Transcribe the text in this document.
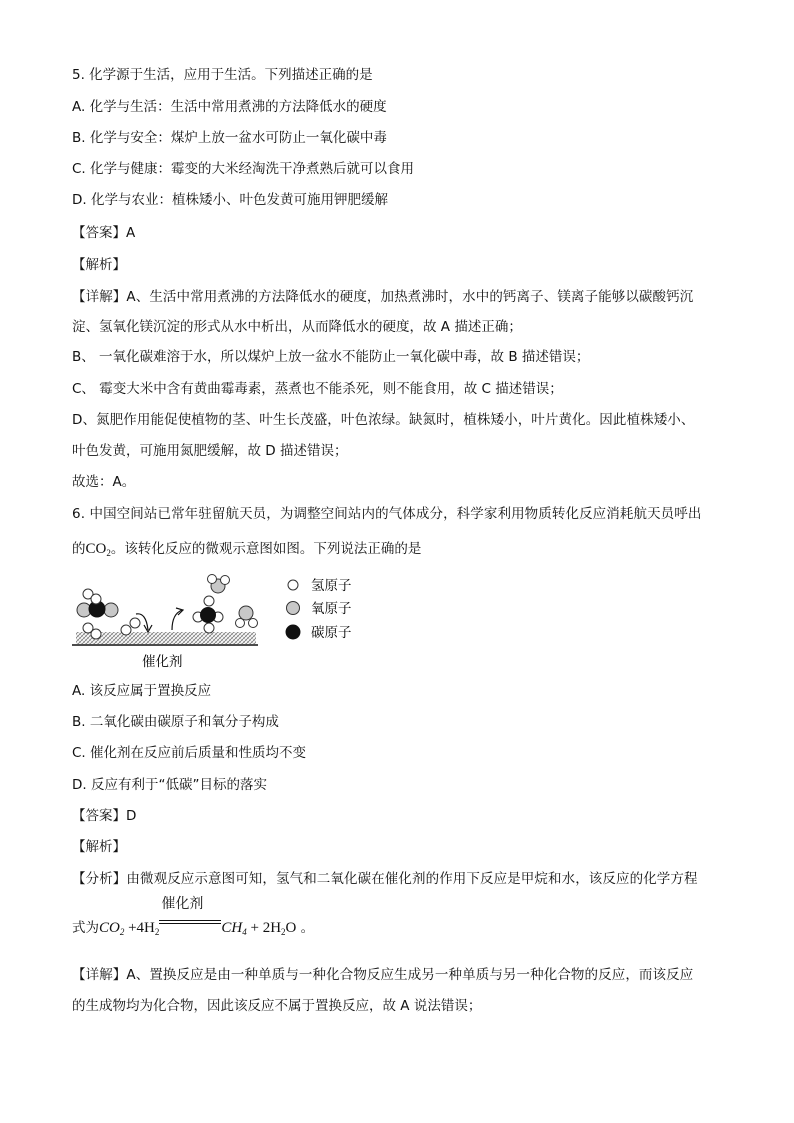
5. 化学源于生活，应用于生活。下列描述正确的是
A. 化学与生活：生活中常用煮沸的方法降低水的硬度
B. 化学与安全：煤炉上放一盆水可防止一氧化碳中毒
C. 化学与健康：霉变的大米经淘洗干净煮熟后就可以食用
D. 化学与农业：植株矮小、叶色发黄可施用钾肥缓解
【答案】A
【解析】
【详解】A、生活中常用煮沸的方法降低水的硬度，加热煮沸时，水中的钙离子、镁离子能够以碳酸钙沉
淀、氢氧化镁沉淀的形式从水中析出，从而降低水的硬度，故 A 描述正确；
B、 一氧化碳难溶于水，所以煤炉上放一盆水不能防止一氧化碳中毒，故 B 描述错误；
C、 霉变大米中含有黄曲霉毒素，蒸煮也不能杀死，则不能食用，故 C 描述错误；
D、氮肥作用能促使植物的茎、叶生长茂盛，叶色浓绿。缺氮时，植株矮小，叶片黄化。因此植株矮小、
叶色发黄，可施用氮肥缓解，故 D 描述错误；
故选：A。
6. 中国空间站已常年驻留航天员，为调整空间站内的气体成分，科学家利用物质转化反应消耗航天员呼出
的$CO_2$。该转化反应的微观示意图如图。下列说法正确的是
氢原子
氧原子
碳原子
催化剂
A. 该反应属于置换反应
B. 二氧化碳由碳原子和氧分子构成
C. 催化剂在反应前后质量和性质均不变
D. 反应有利于“低碳”目标的落实
【答案】D
【解析】
【分析】由微观反应示意图可知，氢气和二氧化碳在催化剂的作用下反应是甲烷和水，该反应的化学方程
式为$CO_2 +4H_2$
催化剂
$CH_4 + 2H_2O$ 。
【详解】A、置换反应是由一种单质与一种化合物反应生成另一种单质与另一种化合物的反应，而该反应
的生成物均为化合物，因此该反应不属于置换反应，故 A 说法错误；
